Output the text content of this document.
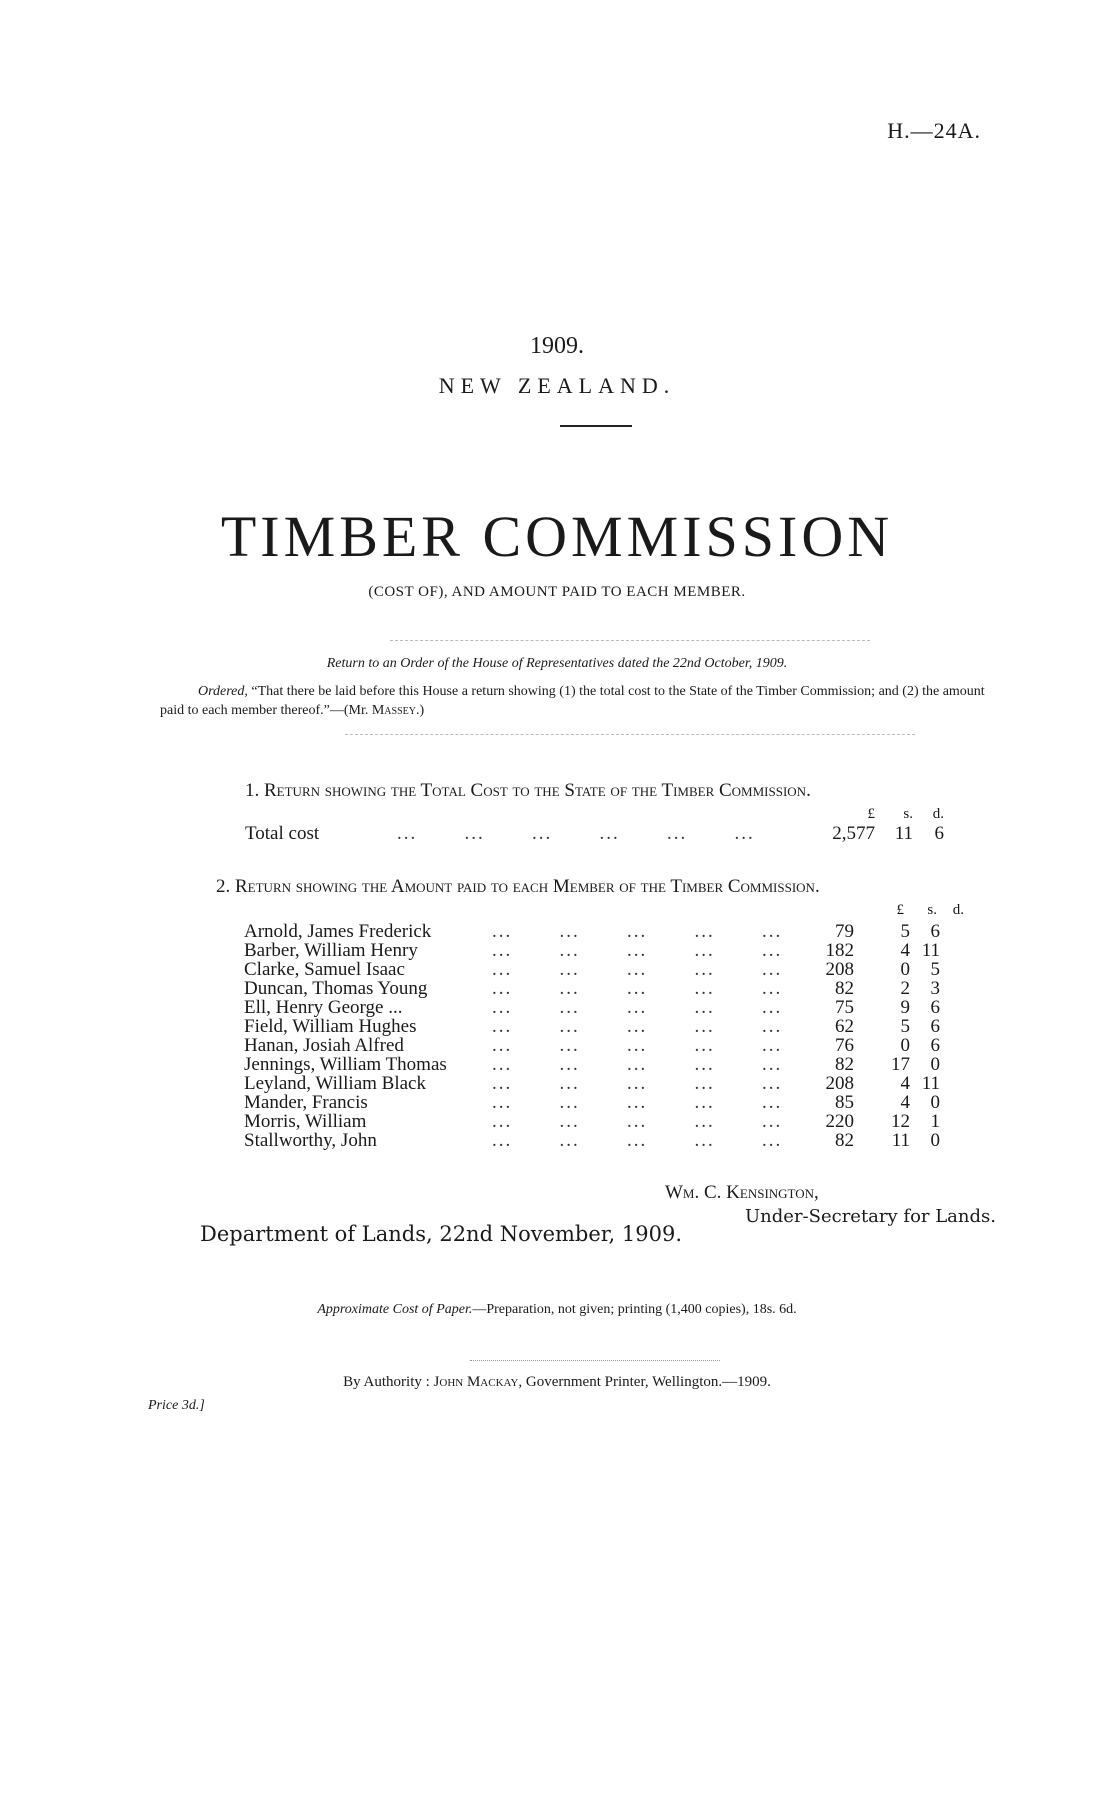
H.—24A.
1909.
NEW ZEALAND.
TIMBER COMMISSION
(COST OF), AND AMOUNT PAID TO EACH MEMBER.
Return to an Order of the House of Representatives dated the 22nd October, 1909.
Ordered, “That there be laid before this House a return showing (1) the total cost to the State of the Timber Commission; and (2) the amount paid to each member thereof.”—(Mr. Massey.)
1. Return showing the Total Cost to the State of the Timber Commission.
£	s.	d.
Total cost	...       ...       ...       ...       ...       ...	2,577	11	6
2. Return showing the Amount paid to each Member of the Timber Commission.
£	s.	d.
Arnold, James Frederick	...       ...       ...       ...       ...	79	5	6
Barber, William Henry	...       ...       ...       ...       ...	182	4 11
Clarke, Samuel Isaac	...       ...       ...       ...       ...	208	0	5
Duncan, Thomas Young	...       ...       ...       ...       ...	82	2	3
Ell, Henry George ...	...       ...       ...       ...       ...	75	9	6
Field, William Hughes	...       ...       ...       ...       ...	62	5	6
Hanan, Josiah Alfred	...       ...       ...       ...       ...	76	0	6
Jennings, William Thomas ...       ...       ...       ...       ...	82	17	0
Leyland, William Black	...       ...       ...       ...       ...	208	4 11
Mander, Francis	...       ...       ...       ...       ...	85	4	0
Morris, William	...       ...       ...       ...       ...	220	12	1
Stallworthy, John	...       ...       ...       ...       ...	82	11	0
Wm. C. Kensington,
Under-Secretary for Lands.
Department of Lands, 22nd November, 1909.
Approximate Cost of Paper.—Preparation, not given; printing (1,400 copies), 18s. 6d.
By Authority : John Mackay, Government Printer, Wellington.—1909.
Price 3d.]
